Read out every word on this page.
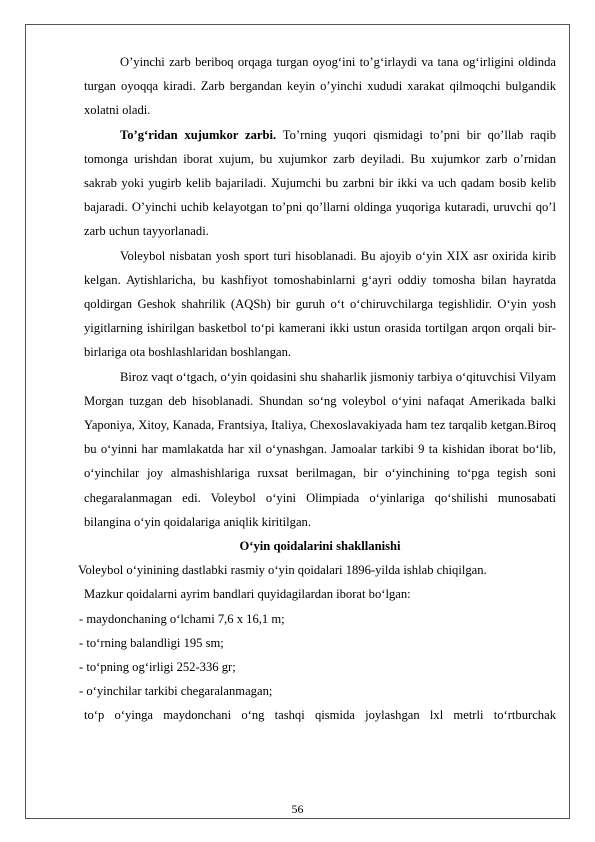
O’yinchi zarb beriboq orqaga turgan oyog‘ini to’g‘irlaydi va tana og‘irligini oldinda turgan oyoqqa kiradi. Zarb bergandan keyin o’yinchi xududi xarakat qilmoqchi bulgandik xolatni oladi.

To’g‘ridan xujumkor zarbi. To’rning yuqori qismidagi to’pni bir qo’llab raqib tomonga urishdan iborat xujum, bu xujumkor zarb deyiladi. Bu xujumkor zarb o’rnidan sakrab yoki yugirb kelib bajariladi. Xujumchi bu zarbni bir ikki va uch qadam bosib kelib bajaradi. O’yinchi uchib kelayotgan to’pni qo’llarni oldinga yuqoriga kutaradi, uruvchi qo’l zarb uchun tayyorlanadi.

Voleybol nisbatan yosh sport turi hisoblanadi. Bu ajoyib o‘yin XIX asr oxirida kirib kelgan. Aytishlaricha, bu kashfiyot tomoshabinlarni g‘ayri oddiy tomosha bilan hayratda qoldirgan Geshok shahrilik (AQSh) bir guruh o‘t o‘chiruvchilarga tegishlidir. O‘yin yosh yigitlarning ishirilgan basketbol to‘pi kamerani ikki ustun orasida tortilgan arqon orqali bir-birlariga ota boshlashlaridan boshlangan.

Biroz vaqt o‘tgach, o‘yin qoidasini shu shaharlik jismoniy tarbiya o‘qituvchisi Vilyam Morgan tuzgan deb hisoblanadi. Shundan so‘ng voleybol o‘yini nafaqat Amerikada balki Yaponiya, Xitoy, Kanada, Frantsiya, Italiya, Chexoslavakiyada ham tez tarqalib ketgan.Biroq bu o‘yinni har mamlakatda har xil o‘ynashgan. Jamoalar tarkibi 9 ta kishidan iborat bo‘lib, o‘yinchilar joy almashishlariga ruxsat berilmagan, bir o‘yinchining to‘pga tegish soni chegaralanmagan edi. Voleybol o‘yini Olimpiada o‘yinlariga qo‘shilishi munosabati bilangina o‘yin qoidalariga aniqlik kiritilgan.

O‘yin qoidalarini shakllanishi

Voleybol o‘yinining dastlabki rasmiy o‘yin qoidalari 1896-yilda ishlab chiqilgan.

Mazkur qoidalarni ayrim bandlari quyidagilardan iborat bo‘lgan:

- maydonchaning o‘lchami 7,6 x 16,1 m;

- to‘rning balandligi 195 sm;

- to‘pning og‘irligi 252-336 gr;

- o‘yinchilar tarkibi chegaralanmagan;

to‘p o‘yinga maydonchani o‘ng tashqi qismida joylashgan lxl metrli to‘rtburchak

56
